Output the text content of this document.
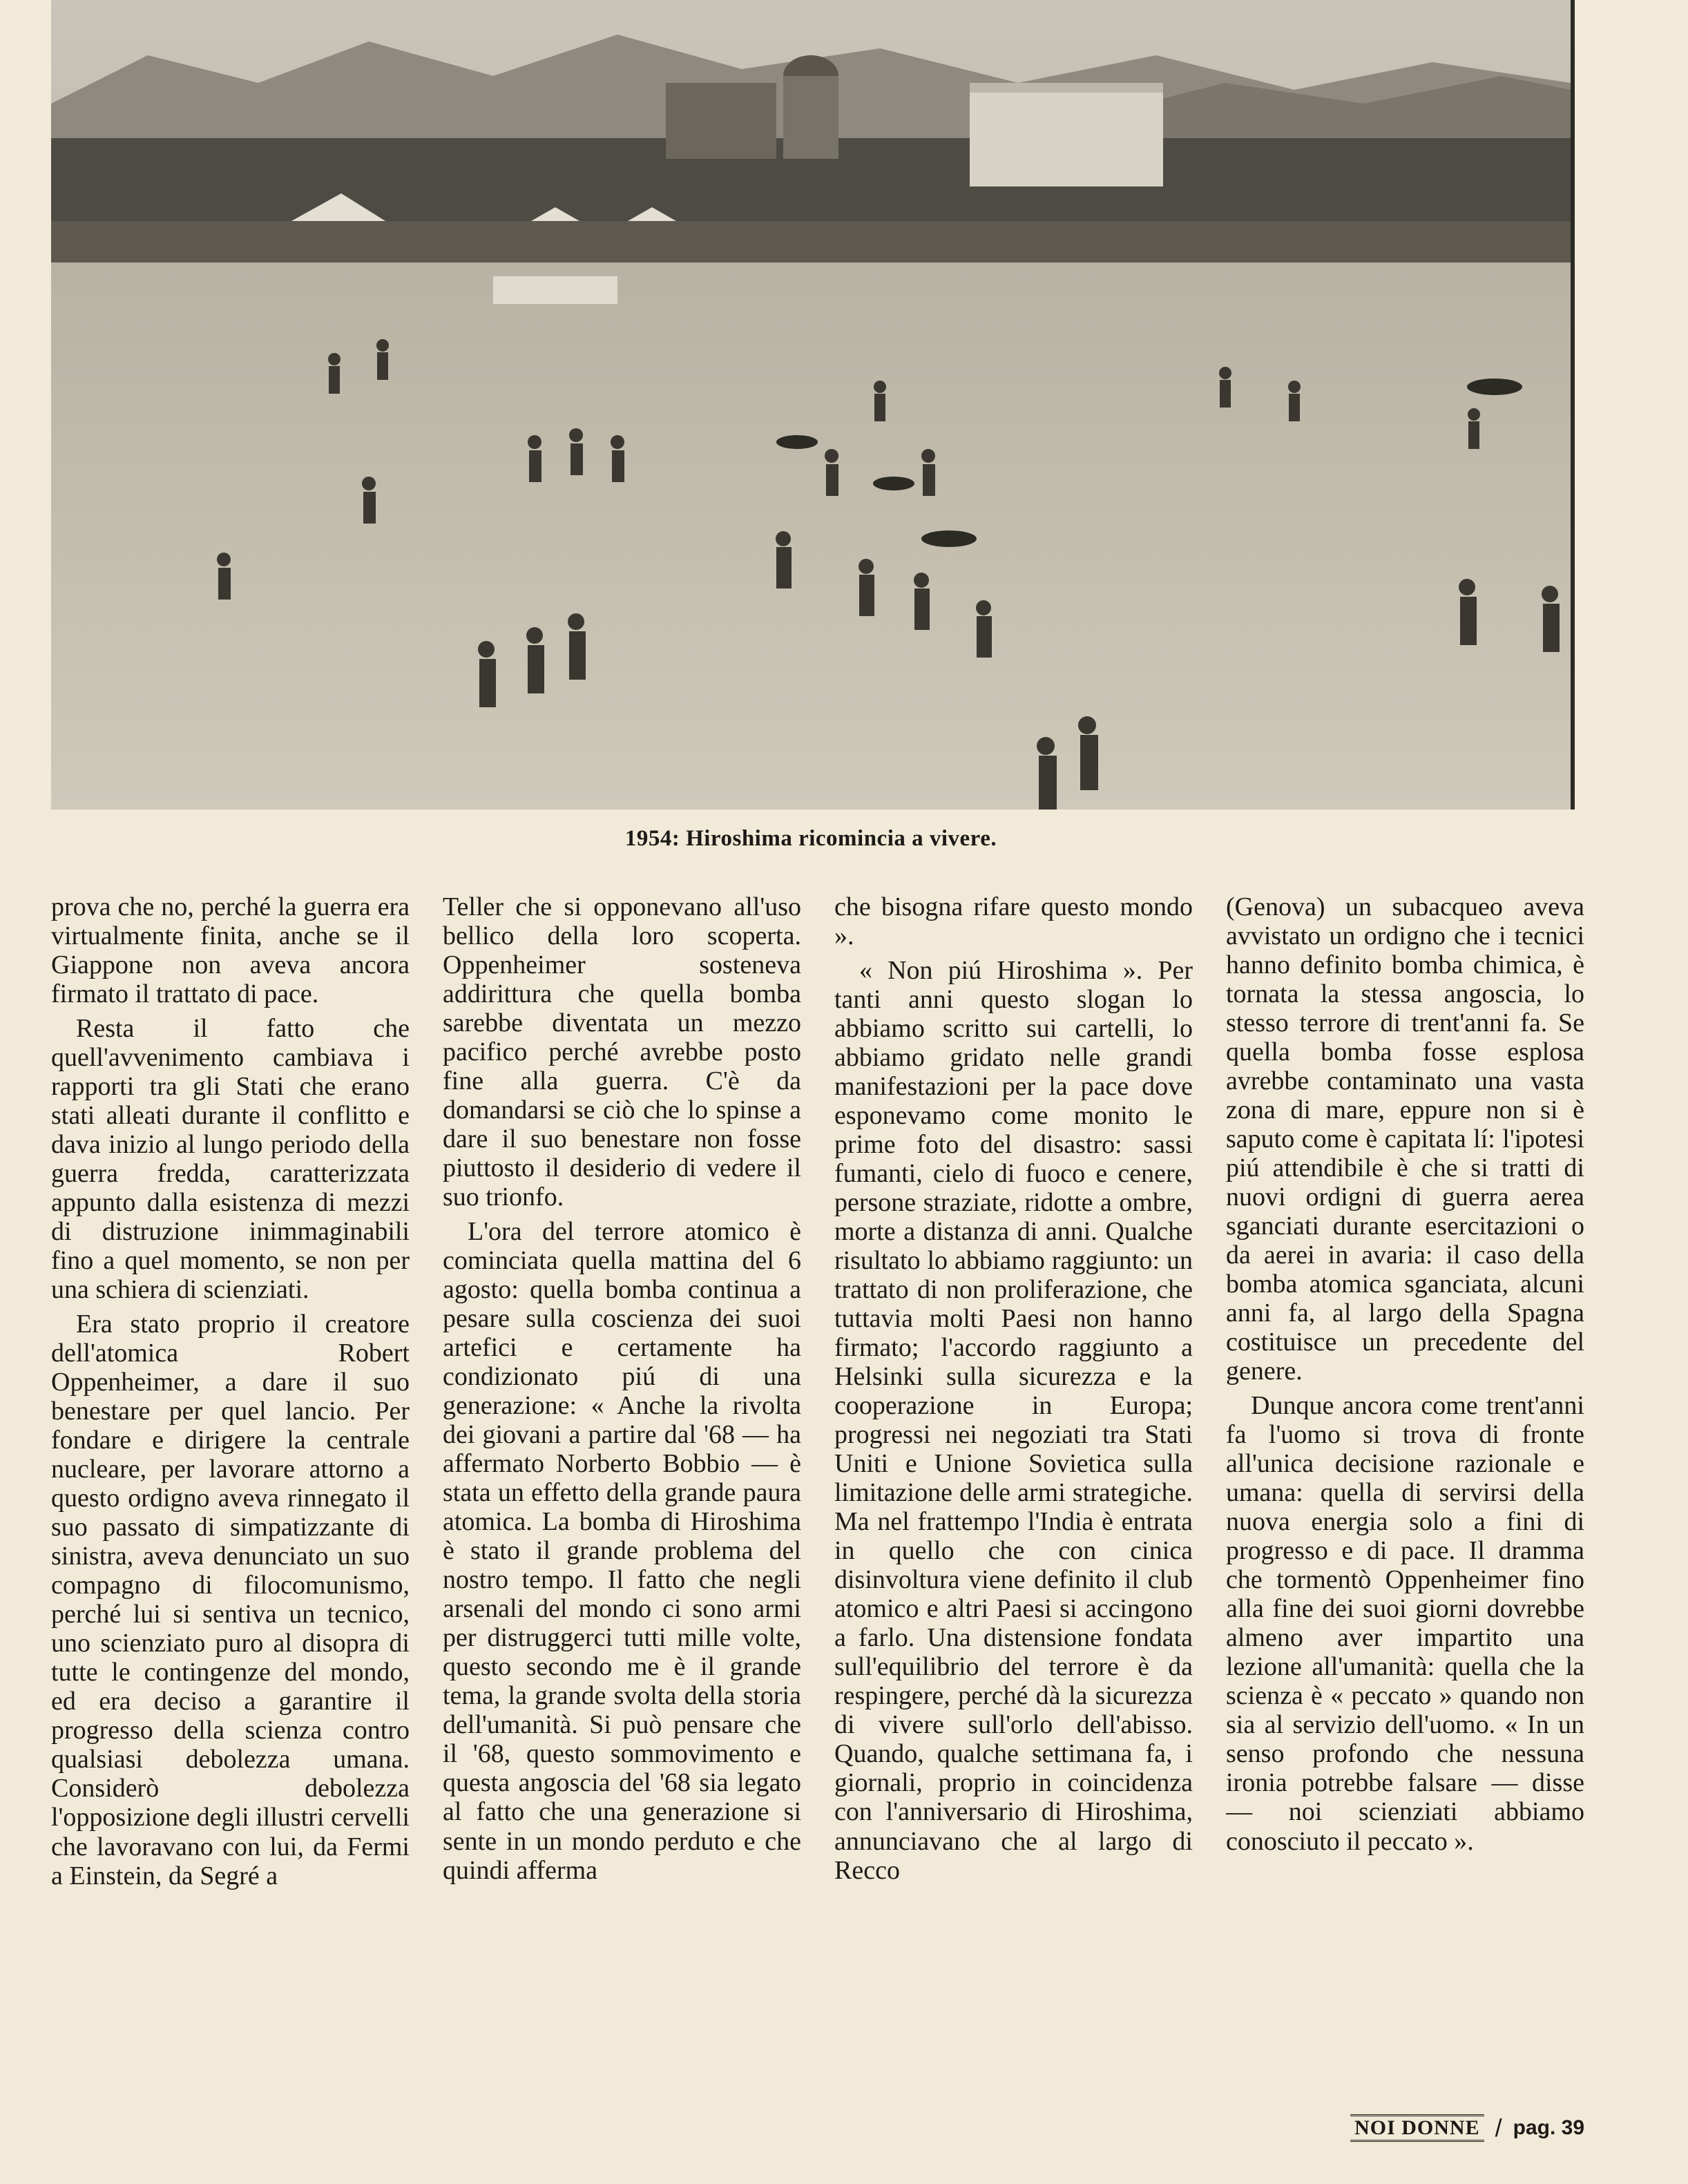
1954: Hiroshima ricomincia a vivere.

prova che no, perché la guerra era virtualmente finita, anche se il Giappone non aveva ancora firmato il trattato di pace.

Resta il fatto che quell'avvenimento cambiava i rapporti tra gli Stati che erano stati alleati durante il conflitto e dava inizio al lungo periodo della guerra fredda, caratterizzata appunto dalla esistenza di mezzi di distruzione inimmaginabili fino a quel momento, se non per una schiera di scienziati.

Era stato proprio il creatore dell'atomica Robert Oppenheimer, a dare il suo benestare per quel lancio. Per fondare e dirigere la centrale nucleare, per lavorare attorno a questo ordigno aveva rinnegato il suo passato di simpatizzante di sinistra, aveva denunciato un suo compagno di filocomunismo, perché lui si sentiva un tecnico, uno scienziato puro al disopra di tutte le contingenze del mondo, ed era deciso a garantire il progresso della scienza contro qualsiasi debolezza umana. Considerò debolezza l'opposizione degli illustri cervelli che lavoravano con lui, da Fermi a Einstein, da Segré a

Teller che si opponevano all'uso bellico della loro scoperta. Oppenheimer sosteneva addirittura che quella bomba sarebbe diventata un mezzo pacifico perché avrebbe posto fine alla guerra. C'è da domandarsi se ciò che lo spinse a dare il suo benestare non fosse piuttosto il desiderio di vedere il suo trionfo.

L'ora del terrore atomico è cominciata quella mattina del 6 agosto: quella bomba continua a pesare sulla coscienza dei suoi artefici e certamente ha condizionato piú di una generazione: « Anche la rivolta dei giovani a partire dal '68 — ha affermato Norberto Bobbio — è stata un effetto della grande paura atomica. La bomba di Hiroshima è stato il grande problema del nostro tempo. Il fatto che negli arsenali del mondo ci sono armi per distruggerci tutti mille volte, questo secondo me è il grande tema, la grande svolta della storia dell'umanità. Si può pensare che il '68, questo sommovimento e questa angoscia del '68 sia legato al fatto che una generazione si sente in un mondo perduto e che quindi afferma

che bisogna rifare questo mondo ».

« Non piú Hiroshima ». Per tanti anni questo slogan lo abbiamo scritto sui cartelli, lo abbiamo gridato nelle grandi manifestazioni per la pace dove esponevamo come monito le prime foto del disastro: sassi fumanti, cielo di fuoco e cenere, persone straziate, ridotte a ombre, morte a distanza di anni. Qualche risultato lo abbiamo raggiunto: un trattato di non proliferazione, che tuttavia molti Paesi non hanno firmato; l'accordo raggiunto a Helsinki sulla sicurezza e la cooperazione in Europa; progressi nei negoziati tra Stati Uniti e Unione Sovietica sulla limitazione delle armi strategiche. Ma nel frattempo l'India è entrata in quello che con cinica disinvoltura viene definito il club atomico e altri Paesi si accingono a farlo. Una distensione fondata sull'equilibrio del terrore è da respingere, perché dà la sicurezza di vivere sull'orlo dell'abisso. Quando, qualche settimana fa, i giornali, proprio in coincidenza con l'anniversario di Hiroshima, annunciavano che al largo di Recco

(Genova) un subacqueo aveva avvistato un ordigno che i tecnici hanno definito bomba chimica, è tornata la stessa angoscia, lo stesso terrore di trent'anni fa. Se quella bomba fosse esplosa avrebbe contaminato una vasta zona di mare, eppure non si è saputo come è capitata lí: l'ipotesi piú attendibile è che si tratti di nuovi ordigni di guerra aerea sganciati durante esercitazioni o da aerei in avaria: il caso della bomba atomica sganciata, alcuni anni fa, al largo della Spagna costituisce un precedente del genere.

Dunque ancora come trent'anni fa l'uomo si trova di fronte all'unica decisione razionale e umana: quella di servirsi della nuova energia solo a fini di progresso e di pace. Il dramma che tormentò Oppenheimer fino alla fine dei suoi giorni dovrebbe almeno aver impartito una lezione all'umanità: quella che la scienza è « peccato » quando non sia al servizio dell'uomo. « In un senso profondo che nessuna ironia potrebbe falsare — disse — noi scienziati abbiamo conosciuto il peccato ».

NOI DONNE / pag. 39
